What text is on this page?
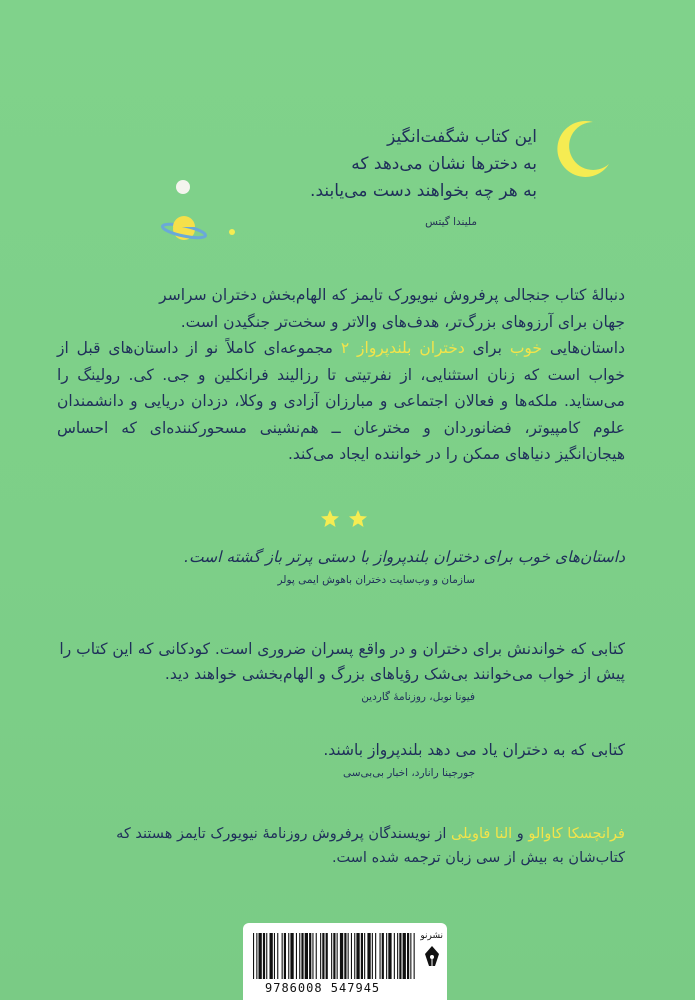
این کتاب شگفت‌انگیز
به دخترها نشان می‌دهد که
به هر چه بخواهند دست می‌یابند.
ملیندا گیتس
دنبالهٔ کتاب جنجالی پرفروش نیویورک تایمز که الهام‌بخش دختران سراسر
جهان برای آرزوهای بزرگ‌تر، هدف‌های والاتر و سخت‌تر جنگیدن است.
داستان‌هایی خوب برای دختران بلندپرواز ۲ مجموعه‌ای کاملاً نو از داستان‌های قبل از خواب است که زنان استثنایی، از نفرتیتی تا رزالیند فرانکلین و جی. کی. رولینگ را می‌ستاید. ملکه‌ها و فعالان اجتماعی و مبارزان آزادی و وکلا، دزدان دریایی و دانشمندان علوم کامپیوتر، فضانوردان و مخترعان ــ هم‌نشینی مسحورکننده‌ای که احساس هیجان‌انگیز دنیاهای ممکن را در خواننده ایجاد می‌کند.
داستان‌های خوب برای دختران بلندپرواز با دستی پرتر باز گشته است.
سازمان و وب‌سایت دختران باهوش ایمی پولر
کتابی که خواندنش برای دختران و در واقع پسران ضروری است. کودکانی که این کتاب را پیش از خواب می‌خوانند بی‌شک رؤیاهای بزرگ و الهام‌بخشی خواهند دید.
فیونا نوبل، روزنامهٔ گاردین
کتابی که به دختران یاد می دهد بلندپرواز باشند.
جورجینا رانارد، اخبار بی‌بی‌سی
فرانچسکا کاوالو و النا فاویلی از نویسندگان پرفروش روزنامهٔ نیویورک تایمز هستند که کتاب‌شان به بیش از سی زبان ترجمه شده است.
9786008 547945
نشرنو
